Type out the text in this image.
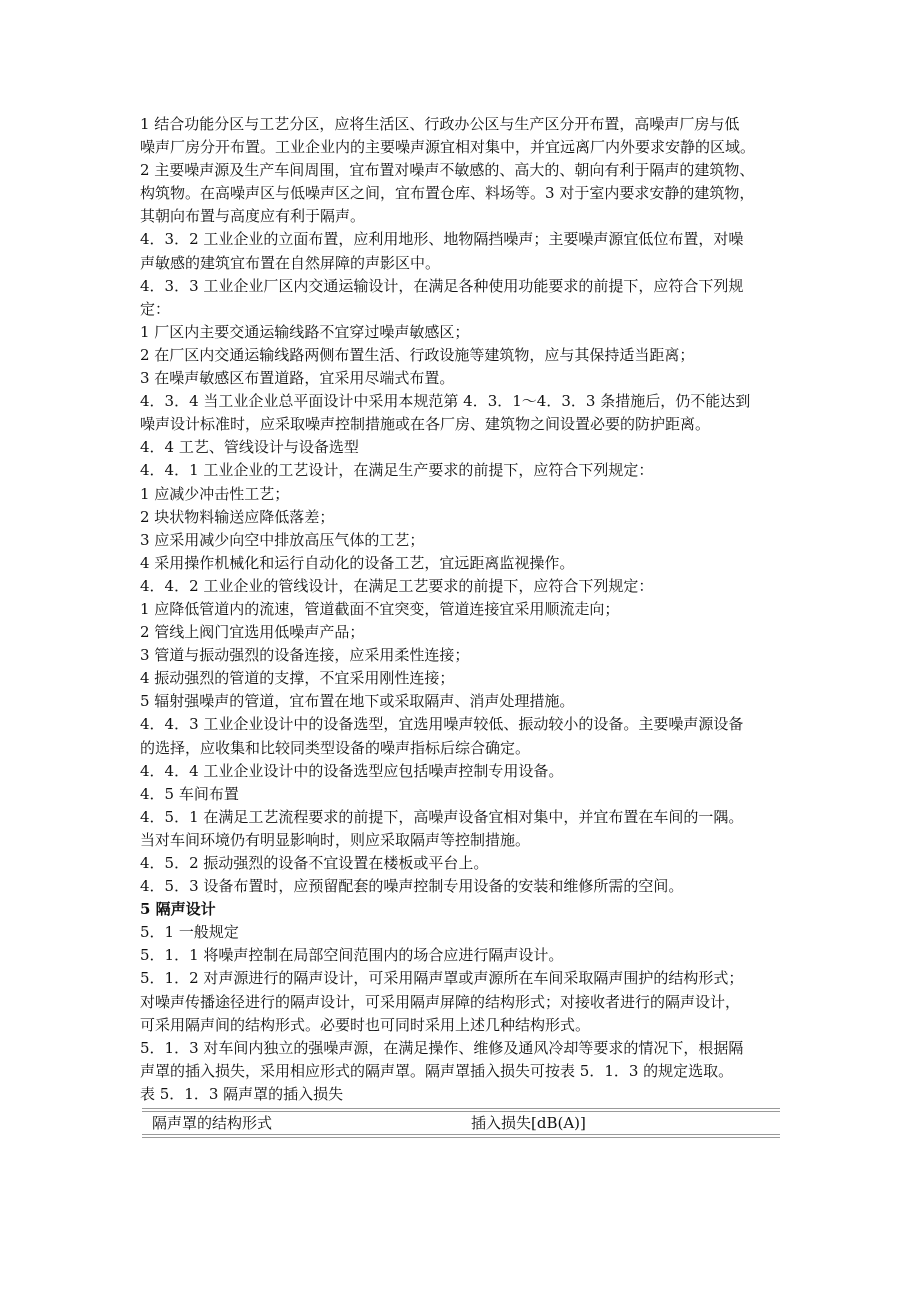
1 结合功能分区与工艺分区，应将生活区、行政办公区与生产区分开布置，高噪声厂房与低
噪声厂房分开布置。工业企业内的主要噪声源宜相对集中，并宜远离厂内外要求安静的区域。
2 主要噪声源及生产车间周围，宜布置对噪声不敏感的、高大的、朝向有利于隔声的建筑物、
构筑物。在高噪声区与低噪声区之间，宜布置仓库、料场等。3 对于室内要求安静的建筑物，
其朝向布置与高度应有利于隔声。
4．3．2 工业企业的立面布置，应利用地形、地物隔挡噪声；主要噪声源宜低位布置，对噪
声敏感的建筑宜布置在自然屏障的声影区中。
4．3．3 工业企业厂区内交通运输设计，在满足各种使用功能要求的前提下，应符合下列规
定：
1 厂区内主要交通运输线路不宜穿过噪声敏感区；
2 在厂区内交通运输线路两侧布置生活、行政设施等建筑物，应与其保持适当距离；
3 在噪声敏感区布置道路，宜采用尽端式布置。
4．3．4 当工业企业总平面设计中采用本规范第 4．3．1～4．3．3 条措施后，仍不能达到
噪声设计标准时，应采取噪声控制措施或在各厂房、建筑物之间设置必要的防护距离。
4．4 工艺、管线设计与设备选型
4．4．1 工业企业的工艺设计，在满足生产要求的前提下，应符合下列规定：
1 应减少冲击性工艺；
2 块状物料输送应降低落差；
3 应采用减少向空中排放高压气体的工艺；
4 采用操作机械化和运行自动化的设备工艺，宜远距离监视操作。
4．4．2 工业企业的管线设计，在满足工艺要求的前提下，应符合下列规定：
1 应降低管道内的流速，管道截面不宜突变，管道连接宜采用顺流走向；
2 管线上阀门宜选用低噪声产品；
3 管道与振动强烈的设备连接，应采用柔性连接；
4 振动强烈的管道的支撑，不宜采用刚性连接；
5 辐射强噪声的管道，宜布置在地下或采取隔声、消声处理措施。
4．4．3 工业企业设计中的设备选型，宜选用噪声较低、振动较小的设备。主要噪声源设备
的选择，应收集和比较同类型设备的噪声指标后综合确定。
4．4．4 工业企业设计中的设备选型应包括噪声控制专用设备。
4．5 车间布置
4．5．1 在满足工艺流程要求的前提下，高噪声设备宜相对集中，并宜布置在车间的一隅。
当对车间环境仍有明显影响时，则应采取隔声等控制措施。
4．5．2 振动强烈的设备不宜设置在楼板或平台上。
4．5．3 设备布置时，应预留配套的噪声控制专用设备的安装和维修所需的空间。
5 隔声设计
5．1 一般规定
5．1．1 将噪声控制在局部空间范围内的场合应进行隔声设计。
5．1．2 对声源进行的隔声设计，可采用隔声罩或声源所在车间采取隔声围护的结构形式；
对噪声传播途径进行的隔声设计，可采用隔声屏障的结构形式；对接收者进行的隔声设计，
可采用隔声间的结构形式。必要时也可同时采用上述几种结构形式。
5．1．3 对车间内独立的强噪声源，在满足操作、维修及通风冷却等要求的情况下，根据隔
声罩的插入损失，采用相应形式的隔声罩。隔声罩插入损失可按表 5．1．3 的规定选取。
表 5．1．3 隔声罩的插入损失
隔声罩的结构形式	插入损失[dB(A)]
